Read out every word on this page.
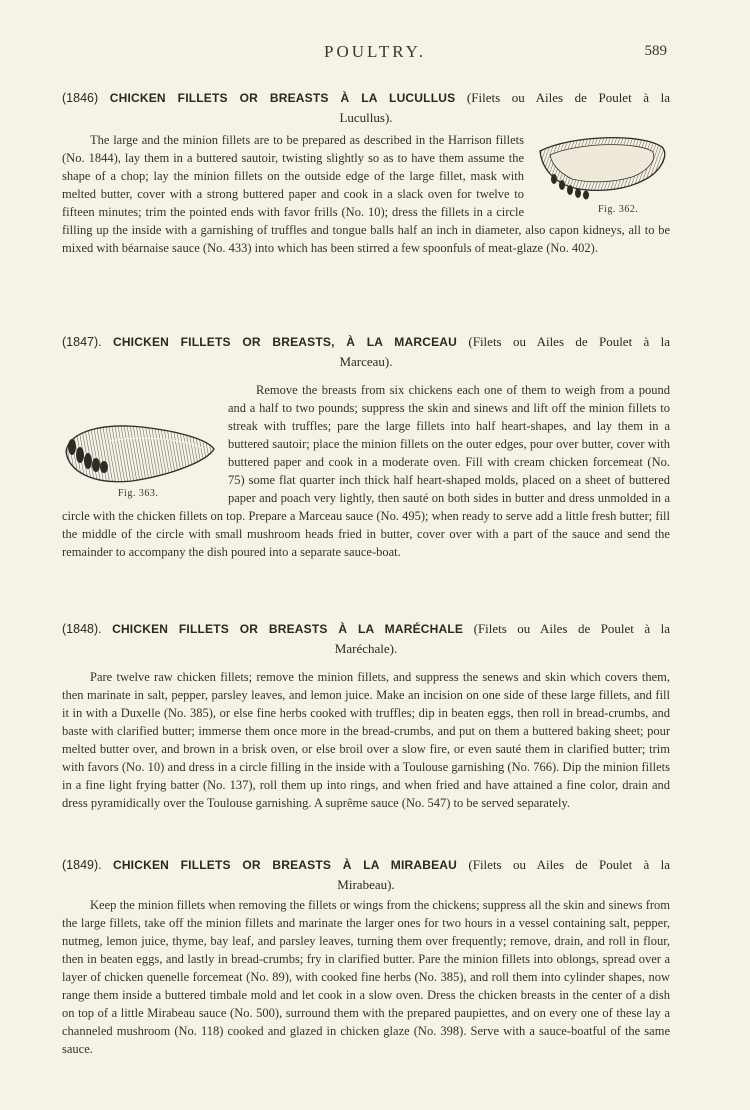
POULTRY.	589
(1846) CHICKEN FILLETS OR BREASTS À LA LUCULLUS (Filets ou Ailes de Poulet à la
Lucullus).
Fig. 362.

The large and the minion fillets are to be prepared as described in the Harrison fillets (No. 1844), lay them in a buttered sautoir, twisting slightly so as to have them assume the shape of a chop; lay the minion fillets on the outside edge of the large fillet, mask with melted butter, cover with a strong buttered paper and cook in a slack oven for twelve to fifteen minutes; trim the pointed ends with favor frills (No. 10); dress the fillets in a circle filling up the inside with a garnishing of truffles and tongue balls half an inch in diameter, also capon kidneys, all to be mixed with béarnaise sauce (No. 433) into which has been stirred a few spoonfuls of meat-glaze (No. 402).

(1847). CHICKEN FILLETS OR BREASTS, À LA MARCEAU (Filets ou Ailes de Poulet à la
Marceau).
Fig. 363.

Remove the breasts from six chickens each one of them to weigh from a pound and a half to two pounds; suppress the skin and sinews and lift off the minion fillets to streak with truffles; pare the large fillets into half heart-shapes, and lay them in a buttered sautoir; place the minion fillets on the outer edges, pour over butter, cover with buttered paper and cook in a moderate oven. Fill with cream chicken forcemeat (No. 75) some flat quarter inch thick half heart-shaped molds, placed on a sheet of buttered paper and poach very lightly, then sauté on both sides in butter and dress unmolded in a circle with the chicken fillets on top. Prepare a Marceau sauce (No. 495); when ready to serve add a little fresh butter; fill the middle of the circle with small mushroom heads fried in butter, cover over with a part of the sauce and send the remainder to accompany the dish poured into a separate sauce-boat.

(1848). CHICKEN FILLETS OR BREASTS À LA MARÉCHALE (Filets ou Ailes de Poulet à la
Maréchale).

Pare twelve raw chicken fillets; remove the minion fillets, and suppress the senews and skin which covers them, then marinate in salt, pepper, parsley leaves, and lemon juice. Make an incision on one side of these large fillets, and fill it in with a Duxelle (No. 385), or else fine herbs cooked with truffles; dip in beaten eggs, then roll in bread-crumbs, and baste with clarified butter; immerse them once more in the bread-crumbs, and put on them a buttered baking sheet; pour melted butter over, and brown in a brisk oven, or else broil over a slow fire, or even sauté them in clarified butter; trim with favors (No. 10) and dress in a circle filling in the inside with a Toulouse garnishing (No. 766). Dip the minion fillets in a fine light frying batter (No. 137), roll them up into rings, and when fried and have attained a fine color, drain and dress pyramidically over the Toulouse garnishing. A suprême sauce (No. 547) to be served separately.

(1849). CHICKEN FILLETS OR BREASTS À LA MIRABEAU (Filets ou Ailes de Poulet à la
Mirabeau).

Keep the minion fillets when removing the fillets or wings from the chickens; suppress all the skin and sinews from the large fillets, take off the minion fillets and marinate the larger ones for two hours in a vessel containing salt, pepper, nutmeg, lemon juice, thyme, bay leaf, and parsley leaves, turning them over frequently; remove, drain, and roll in flour, then in beaten eggs, and lastly in bread-crumbs; fry in clarified butter. Pare the minion fillets into oblongs, spread over a layer of chicken quenelle forcemeat (No. 89), with cooked fine herbs (No. 385), and roll them into cylinder shapes, now range them inside a buttered timbale mold and let cook in a slow oven. Dress the chicken breasts in the center of a dish on top of a little Mirabeau sauce (No. 500), surround them with the prepared paupiettes, and on every one of these lay a channeled mushroom (No. 118) cooked and glazed in chicken glaze (No. 398). Serve with a sauce-boatful of the same sauce.
